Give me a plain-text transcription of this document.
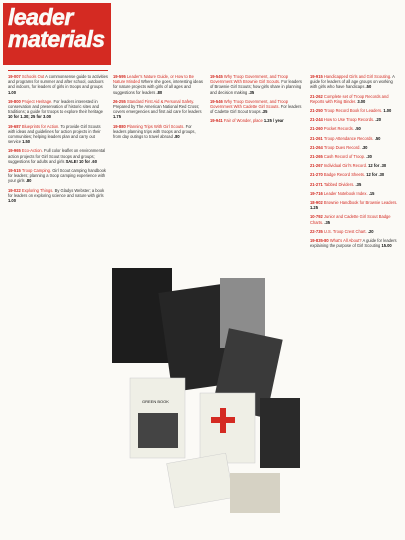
leader
materials

19-007 Schools Out A commonsense guide to activities and programs for summer and after school, outdoors and indoors, for leaders of girls in troops and groups 1.00

19-800 Project Heritage. For leaders interested in conservation and preservation of historic sites and traditions; a guide for troops to explore their heritage 10 for 1.30; 25 for 3.00

19-687 Blueprints for Action. To provide Girl Scouts with ideas and guidelines for action projects in their communities; helping leaders plan and carry out service 1.50

19-965 Eco-Action. Full color leaflet on environmental action projects for Girl Scout troops and groups; suggestions for adults and girls SALE! 10 for .60

19-515 Troop Camping. Girl Scout camping handbook for leaders; planning a troop camping experience with your girls .80

19-022 Exploring Things. By Gladys Webster; a book for leaders on exploring science and nature with girls 1.00

19-595 Leader's Nature Guide, or How to Be Nature Minded Where she goes, interesting ideas for nature projects with girls of all ages and suggestions for leaders .80

26-255 Standard First Aid & Personal Safety. Prepared by The American National Red Cross; covers emergencies and first aid care for leaders 1.75

19-880 Planning Trips With Girl Scouts. For leaders planning trips with troops and groups, from day outings to travel abroad .80

19-545 Why Troop Government, and Troop Government With Brownie Girl Scouts. For leaders of Brownie Girl Scouts; how girls share in planning and decision making .35

19-546 Why Troop Government, and Troop Government With Cadette Girl Scouts. For leaders of Cadette Girl Scout troops .35

19-941 Fair of Wonder, place 1.25 / year

19-915 Handicapped Girls and Girl Scouting. A guide for leaders of all age groups on working with girls who have handicaps .50

21-262 Complete set of Troop Records and Reports with Ring Binder. 3.00

21-250 Troop Record Book for Leaders. 1.00

21-244 How to Use Troop Records. .20

21-260 Pocket Records. .50

21-261 Troop Attendance Records. .50

21-264 Troop Dues Record. .30

21-265 Cash Record of Troop. .30

21-267 Individual Girl's Record. 12 for .30

21-270 Badge Record Sheets. 12 for .30

21-271 Tabbed Dividers. .35

19-716 Leader Notebook Index. .15

18-902 Brownie Handbook for Brownie Leaders. 1.25

10-792 Junior and Cadette Girl Scout Badge Charts. .35

22-735 U.S. Troop Crest Chart. .20

19-835-80 What's All About? A guide for leaders explaining the purpose of Girl Scouting 15.00

GREEN BOOK
